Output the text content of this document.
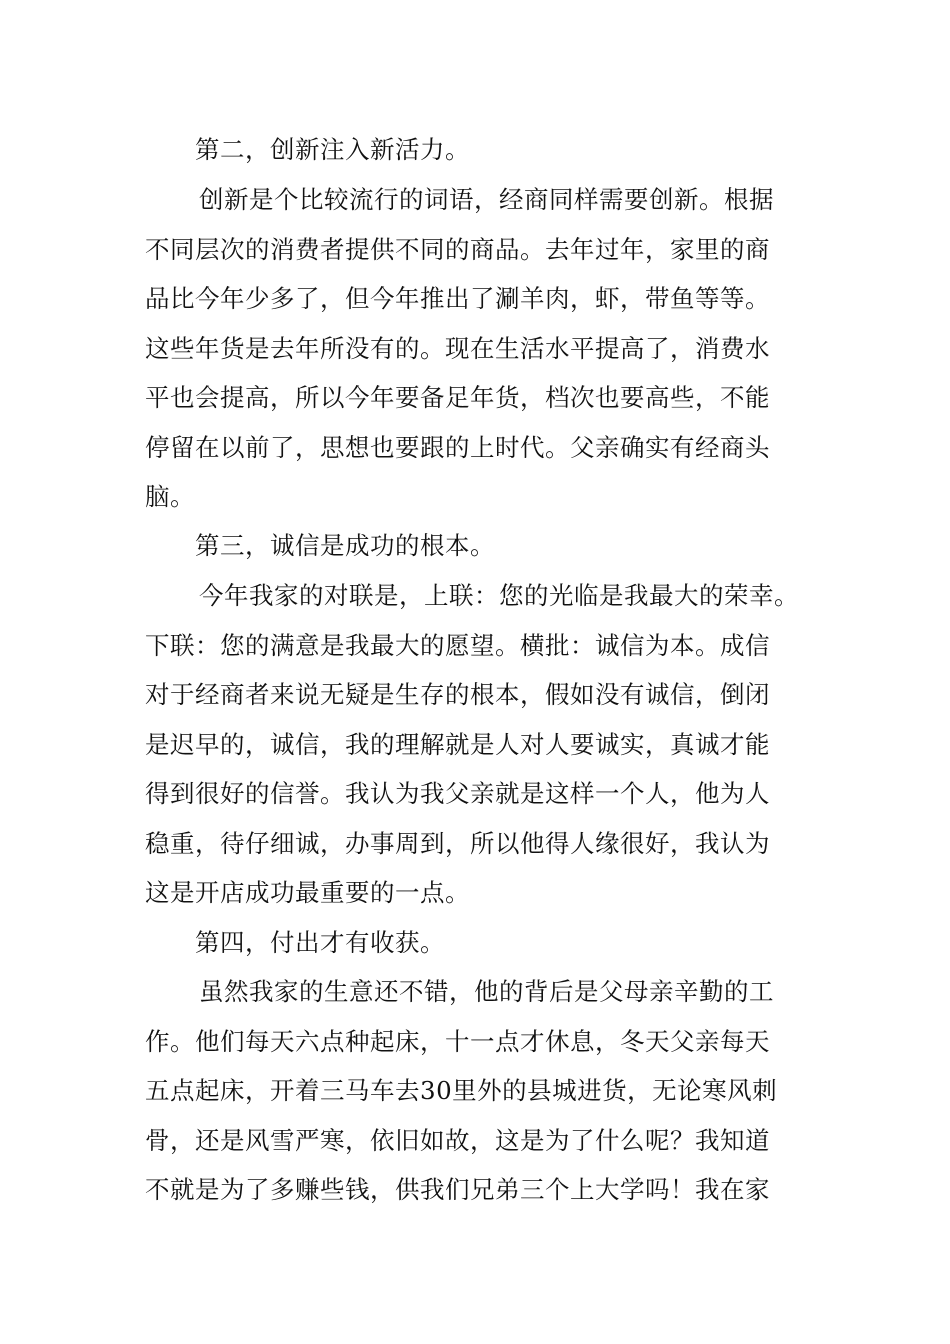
第二，创新注入新活力。
创新是个比较流行的词语，经商同样需要创新。根据
不同层次的消费者提供不同的商品。去年过年，家里的商
品比今年少多了，但今年推出了涮羊肉，虾，带鱼等等。
这些年货是去年所没有的。现在生活水平提高了，消费水
平也会提高，所以今年要备足年货，档次也要高些，不能
停留在以前了，思想也要跟的上时代。父亲确实有经商头
脑。
第三，诚信是成功的根本。
今年我家的对联是，上联：您的光临是我最大的荣幸。
下联：您的满意是我最大的愿望。横批：诚信为本。成信
对于经商者来说无疑是生存的根本，假如没有诚信，倒闭
是迟早的，诚信，我的理解就是人对人要诚实，真诚才能
得到很好的信誉。我认为我父亲就是这样一个人，他为人
稳重，待仔细诚，办事周到，所以他得人缘很好，我认为
这是开店成功最重要的一点。
第四，付出才有收获。
虽然我家的生意还不错，他的背后是父母亲辛勤的工
作。他们每天六点种起床，十一点才休息，冬天父亲每天
五点起床，开着三马车去30里外的县城进货，无论寒风刺
骨，还是风雪严寒，依旧如故，这是为了什么呢？我知道
不就是为了多赚些钱，供我们兄弟三个上大学吗！我在家
